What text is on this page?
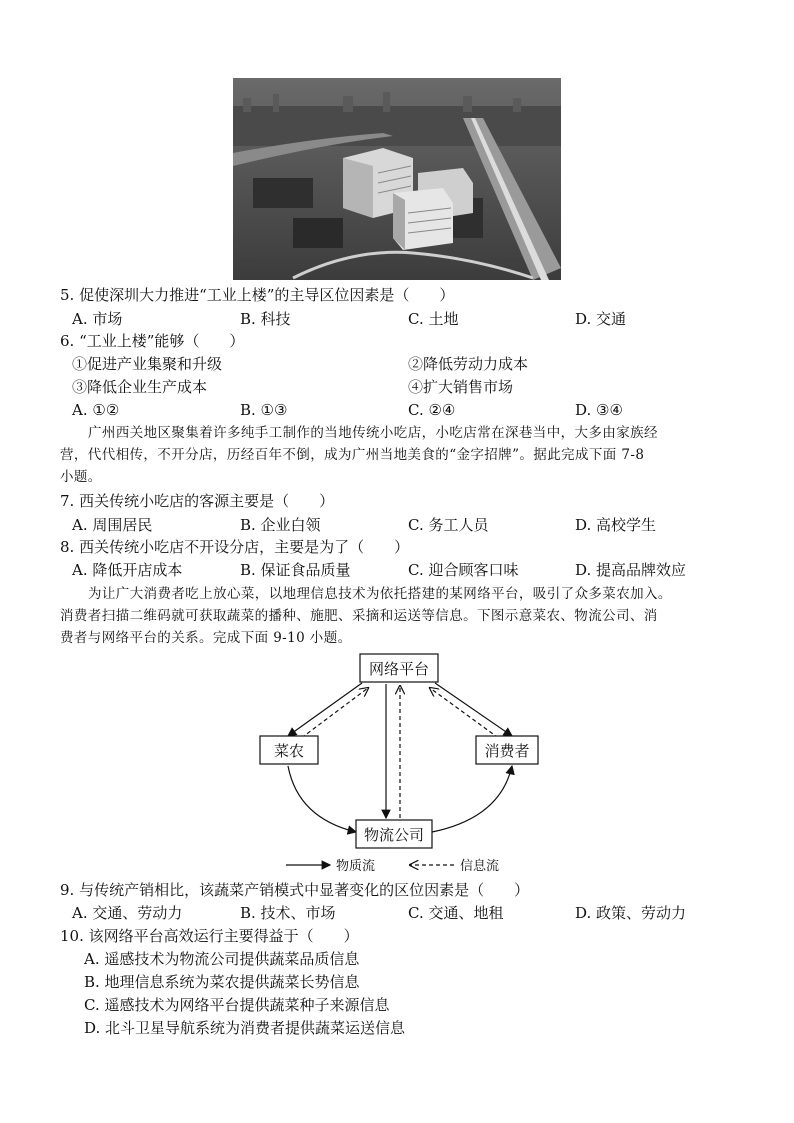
5. 促使深圳大力推进“工业上楼”的主导区位因素是（　　）
A. 市场	B. 科技	C. 土地	D. 交通
6. “工业上楼”能够（　　）
①促进产业集聚和升级	②降低劳动力成本
③降低企业生产成本	④扩大销售市场
A. ①②	B. ①③	C. ②④	D. ③④
广州西关地区聚集着许多纯手工制作的当地传统小吃店，小吃店常在深巷当中，大多由家族经
营，代代相传，不开分店，历经百年不倒，成为广州当地美食的“金字招牌”。据此完成下面 7-8
小题。
7. 西关传统小吃店的客源主要是（　　）
A. 周围居民	B. 企业白领	C. 务工人员	D. 高校学生
8. 西关传统小吃店不开设分店，主要是为了（　　）
A. 降低开店成本	B. 保证食品质量	C. 迎合顾客口味	D. 提高品牌效应
为让广大消费者吃上放心菜，以地理信息技术为依托搭建的某网络平台，吸引了众多菜农加入。
消费者扫描二维码就可获取蔬菜的播种、施肥、采摘和运送等信息。下图示意菜农、物流公司、消
费者与网络平台的关系。完成下面 9-10 小题。
网络平台
菜农	消费者
物流公司
物质流	信息流
9. 与传统产销相比，该蔬菜产销模式中显著变化的区位因素是（　　）
A. 交通、劳动力	B. 技术、市场	C. 交通、地租	D. 政策、劳动力
10. 该网络平台高效运行主要得益于（　　）
A. 遥感技术为物流公司提供蔬菜品质信息
B. 地理信息系统为菜农提供蔬菜长势信息
C. 遥感技术为网络平台提供蔬菜种子来源信息
D. 北斗卫星导航系统为消费者提供蔬菜运送信息
